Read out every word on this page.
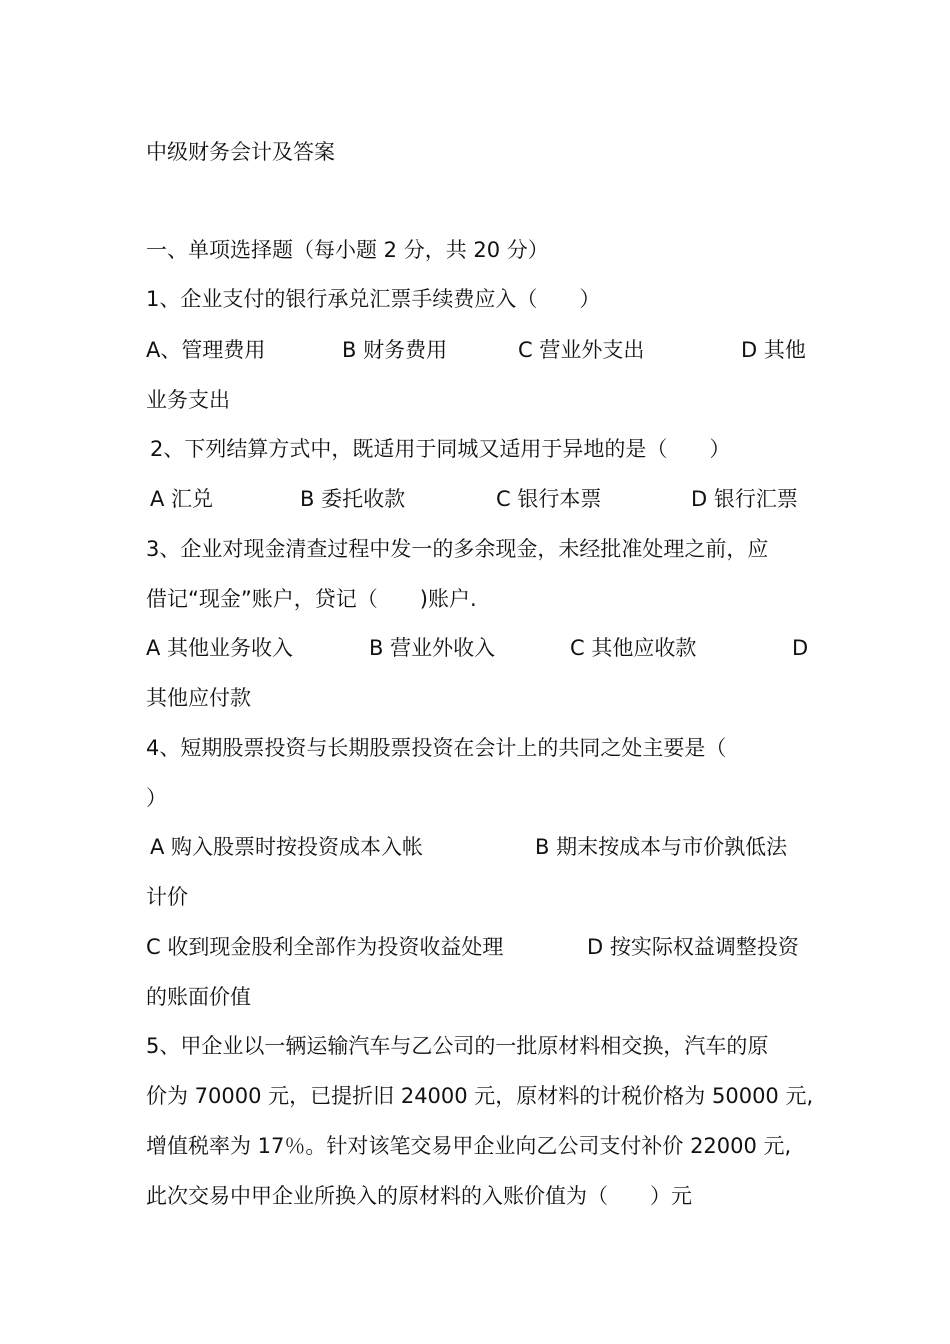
中级财务会计及答案
一、单项选择题（每小题 2 分，共 20 分）
1、企业支付的银行承兑汇票手续费应入（　　）
A、管理费用	B 财务费用	C 营业外支出	D 其他
业务支出
2、下列结算方式中，既适用于同城又适用于异地的是（　　）
A 汇兑	B 委托收款	C 银行本票	D 银行汇票
3、企业对现金清查过程中发一的多余现金，未经批准处理之前，应
借记“现金”账户，贷记（　　)账户.
A 其他业务收入	B 营业外收入	C 其他应收款	D
其他应付款
4、短期股票投资与长期股票投资在会计上的共同之处主要是（
）
A 购入股票时按投资成本入帐	B 期末按成本与市价孰低法
计价
C 收到现金股利全部作为投资收益处理	D 按实际权益调整投资
的账面价值
5、甲企业以一辆运输汽车与乙公司的一批原材料相交换，汽车的原
价为 70000 元，已提折旧 24000 元，原材料的计税价格为 50000 元,
增值税率为 17％。针对该笔交易甲企业向乙公司支付补价 22000 元,
此次交易中甲企业所换入的原材料的入账价值为（　　）元
